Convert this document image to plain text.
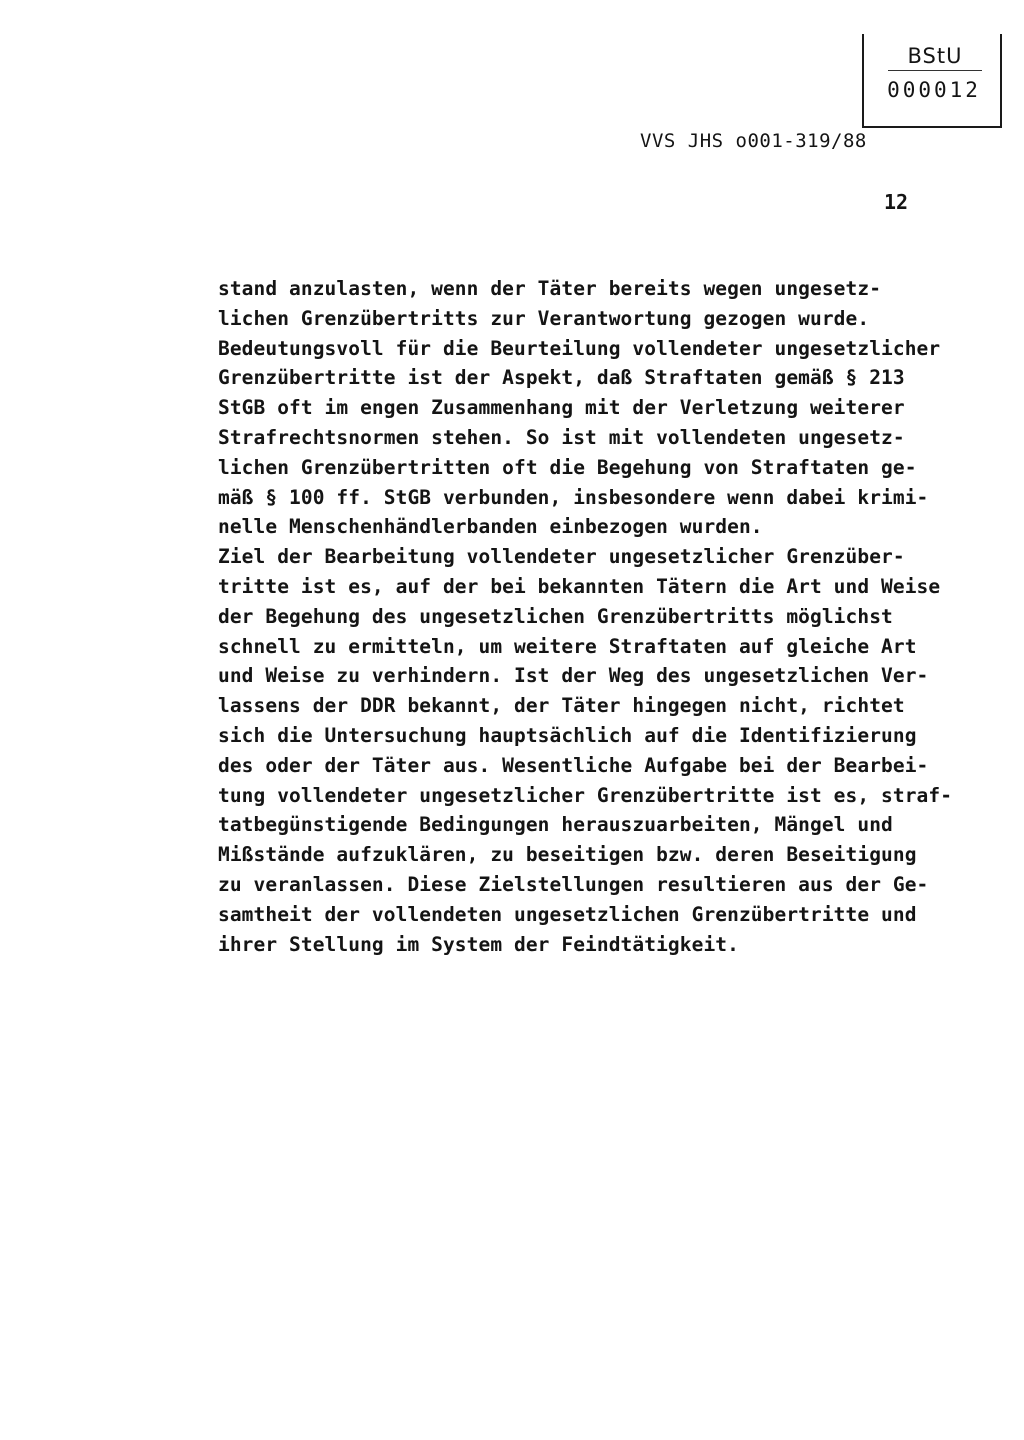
BStU
000012
VVS JHS o001-319/88
12
stand anzulasten, wenn der Täter bereits wegen ungesetz-
lichen Grenzübertritts zur Verantwortung gezogen wurde.
Bedeutungsvoll für die Beurteilung vollendeter ungesetzlicher
Grenzübertritte ist der Aspekt, daß Straftaten gemäß § 213
StGB oft im engen Zusammenhang mit der Verletzung weiterer
Strafrechtsnormen stehen. So ist mit vollendeten ungesetz-
lichen Grenzübertritten oft die Begehung von Straftaten ge-
mäß § 100 ff. StGB verbunden, insbesondere wenn dabei krimi-
nelle Menschenhändlerbanden einbezogen wurden.
Ziel der Bearbeitung vollendeter ungesetzlicher Grenzüber-
tritte ist es, auf der bei bekannten Tätern die Art und Weise
der Begehung des ungesetzlichen Grenzübertritts möglichst
schnell zu ermitteln, um weitere Straftaten auf gleiche Art
und Weise zu verhindern. Ist der Weg des ungesetzlichen Ver-
lassens der DDR bekannt, der Täter hingegen nicht, richtet
sich die Untersuchung hauptsächlich auf die Identifizierung
des oder der Täter aus. Wesentliche Aufgabe bei der Bearbei-
tung vollendeter ungesetzlicher Grenzübertritte ist es, straf-
tatbegünstigende Bedingungen herauszuarbeiten, Mängel und
Mißstände aufzuklären, zu beseitigen bzw. deren Beseitigung
zu veranlassen. Diese Zielstellungen resultieren aus der Ge-
samtheit der vollendeten ungesetzlichen Grenzübertritte und
ihrer Stellung im System der Feindtätigkeit.
